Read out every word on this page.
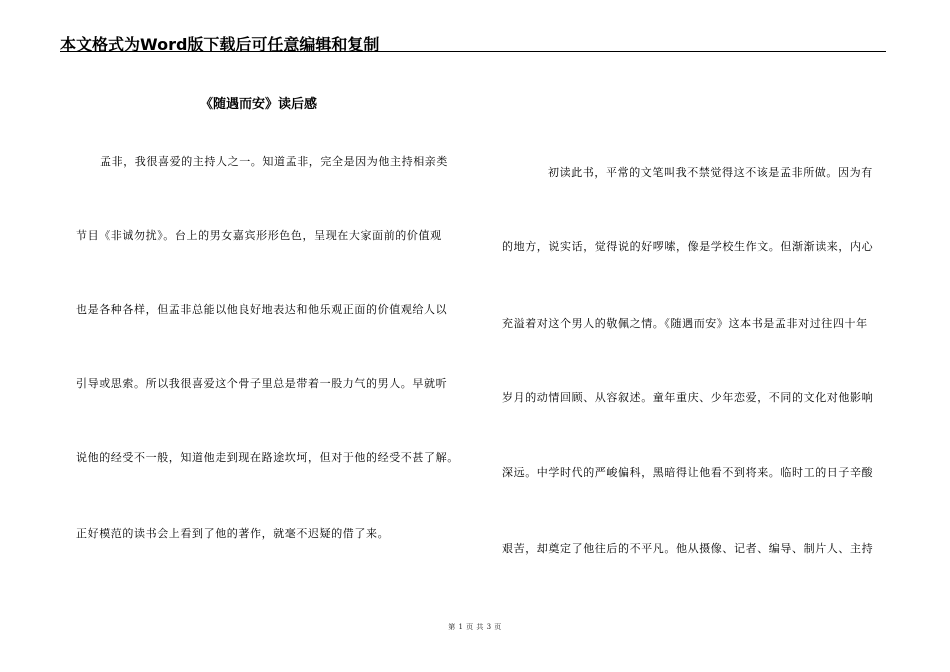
本文格式为Word版下载后可任意编辑和复制
《随遇而安》读后感
孟非，我很喜爱的主持人之一。知道孟非，完全是因为他主持相亲类
节目《非诚勿扰》。台上的男女嘉宾形形色色，呈现在大家面前的价值观
也是各种各样，但孟非总能以他良好地表达和他乐观正面的价值观给人以
引导或思索。所以我很喜爱这个骨子里总是带着一股力气的男人。早就听
说他的经受不一般，知道他走到现在路途坎坷，但对于他的经受不甚了解。
正好模范的读书会上看到了他的著作，就毫不迟疑的借了来。
初读此书，平常的文笔叫我不禁觉得这不该是孟非所做。因为有
的地方，说实话，觉得说的好啰嗦，像是学校生作文。但渐渐读来，内心
充溢着对这个男人的敬佩之情。《随遇而安》这本书是孟非对过往四十年
岁月的动情回顾、从容叙述。童年重庆、少年恋爱，不同的文化对他影响
深远。中学时代的严峻偏科，黑暗得让他看不到将来。临时工的日子辛酸
艰苦，却奠定了他往后的不平凡。他从摄像、记者、编导、制片人、主持
第 1 页 共 3 页
